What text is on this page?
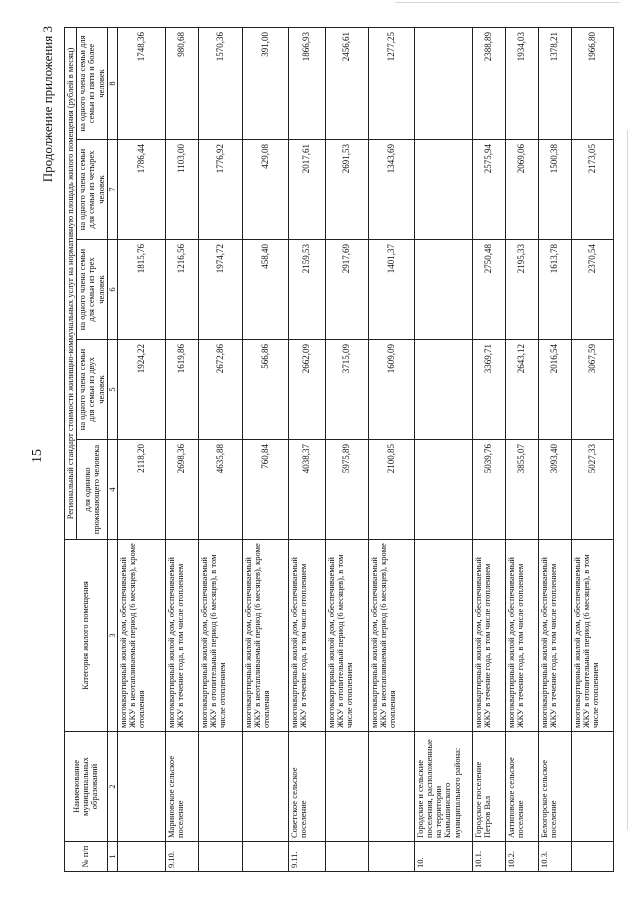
15
Продолжение приложения 3
№ п/п	Наименование муниципальных образований	Категория жилого помещения	Региональный стандарт стоимости жилищно-коммунальных услуг на нормативную площадь жилого помещения (рублей в месяц)				
			для одиноко проживающего человека	на одного члена семьи для семьи из двух человек	на одного члена семьи для семьи из трех человек	на одного члена семьи для семьи из четырех человек	на одного члена семьи для семьи из пяти и более человек
1	2	3	4	5	6	7	8
		многоквартирный жилой дом, обеспечиваемый ЖКУ в неотапливаемый период (6 месяцев), кроме отопления	2118,20	1924,22	1815,76	1786,44	1748,36
9.10.	Мариновское сельское поселение	многоквартирный жилой дом, обеспечиваемый ЖКУ в течение года, в том числе отоплением	2698,36	1619,86	1216,56	1103,00	980,68
		многоквартирный жилой дом, обеспечиваемый ЖКУ в отопительный период (6 месяцев), в том числе отоплением	4635,88	2672,86	1974,72	1776,92	1570,36
		многоквартирный жилой дом, обеспечиваемый ЖКУ в неотапливаемый период (6 месяцев), кроме отопления	760,84	566,86	458,40	429,08	391,00
9.11.	Советское сельское поселение	многоквартирный жилой дом, обеспечиваемый ЖКУ в течение года, в том числе отоплением	4038,37	2662,09	2159,53	2017,61	1866,93
		многоквартирный жилой дом, обеспечиваемый ЖКУ в отопительный период (6 месяцев), в том числе отоплением	5975,89	3715,09	2917,69	2691,53	2456,61
		многоквартирный жилой дом, обеспечиваемый ЖКУ в неотапливаемый период (6 месяцев), кроме отопления	2100,85	1609,09	1401,37	1343,69	1277,25
10.	Городские и сельские поселения, расположенные на территории Камышинского муниципального района:						
10.1.	Городское поселение Петров Вал	многоквартирный жилой дом, обеспечиваемый ЖКУ в течение года, в том числе отоплением	5039,76	3369,71	2750,48	2575,94	2388,89
10.2.	Антиповское сельское поселение	многоквартирный жилой дом, обеспечиваемый ЖКУ в течение года, в том числе отоплением	3855,07	2643,12	2195,33	2069,06	1934,03
10.3.	Белогорское сельское поселение	многоквартирный жилой дом, обеспечиваемый ЖКУ в течение года, в том числе отоплением	3093,40	2016,54	1613,78	1500,38	1378,21
		многоквартирный жилой дом, обеспечиваемый ЖКУ в отопительный период (6 месяцев), в том числе отоплением	5027,33	3067,59	2370,54	2173,05	1966,80
